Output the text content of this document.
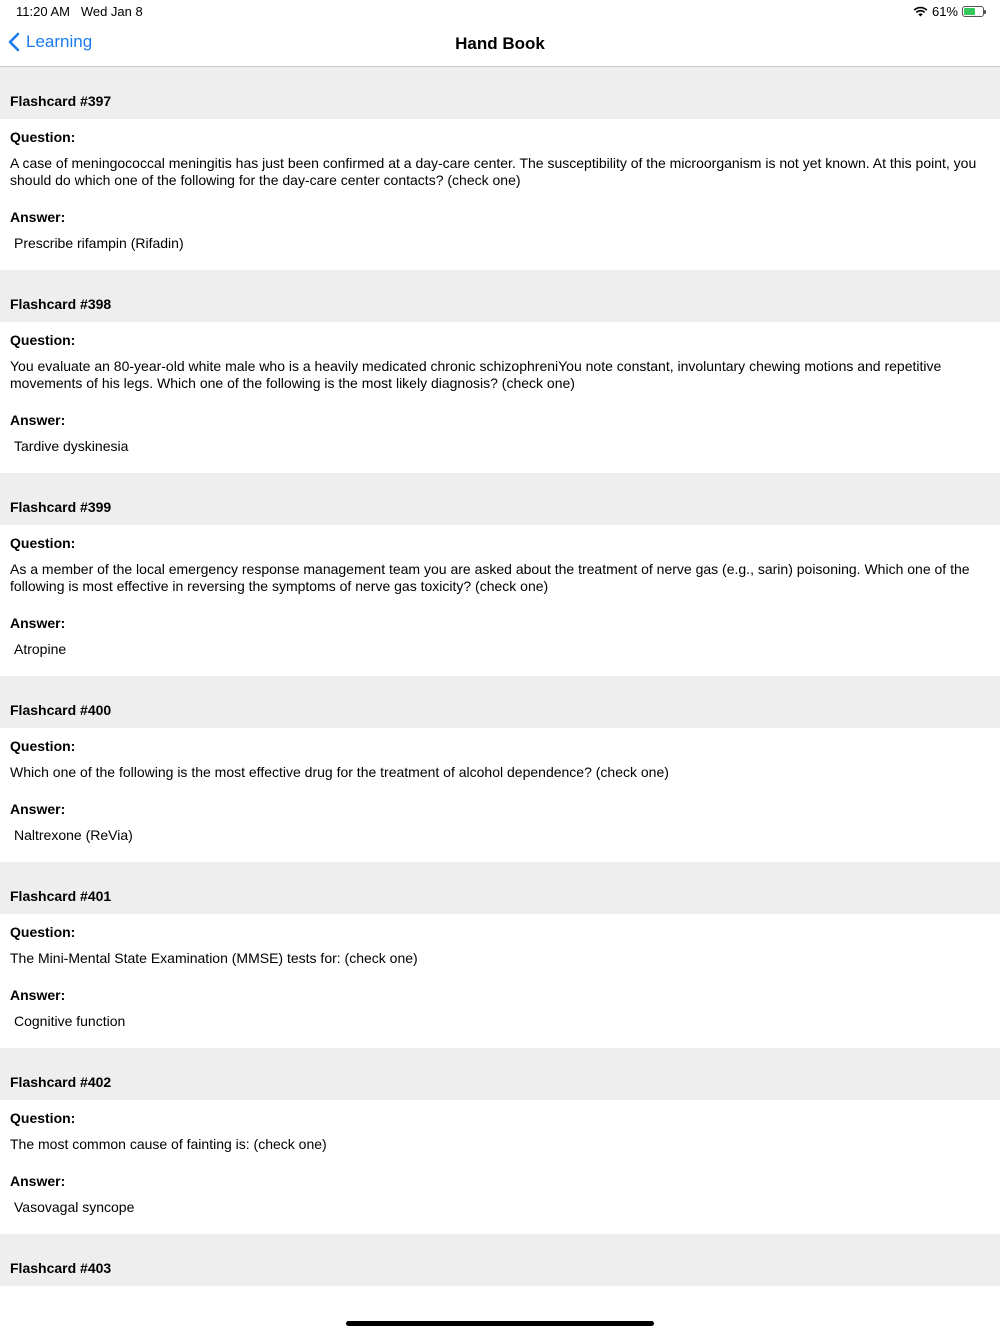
11:20 AM Wed Jan 8	61%
Learning	Hand Book
Flashcard #397
Question:
A case of meningococcal meningitis has just been confirmed at a day-care center. The susceptibility of the microorganism is not yet known. At this point, you should do which one of the following for the day-care center contacts? (check one)
Answer:
Prescribe rifampin (Rifadin)
Flashcard #398
Question:
You evaluate an 80-year-old white male who is a heavily medicated chronic schizophreniYou note constant, involuntary chewing motions and repetitive movements of his legs. Which one of the following is the most likely diagnosis? (check one)
Answer:
Tardive dyskinesia
Flashcard #399
Question:
As a member of the local emergency response management team you are asked about the treatment of nerve gas (e.g., sarin) poisoning. Which one of the following is most effective in reversing the symptoms of nerve gas toxicity? (check one)
Answer:
Atropine
Flashcard #400
Question:
Which one of the following is the most effective drug for the treatment of alcohol dependence? (check one)
Answer:
Naltrexone (ReVia)
Flashcard #401
Question:
The Mini-Mental State Examination (MMSE) tests for: (check one)
Answer:
Cognitive function
Flashcard #402
Question:
The most common cause of fainting is: (check one)
Answer:
Vasovagal syncope
Flashcard #403
